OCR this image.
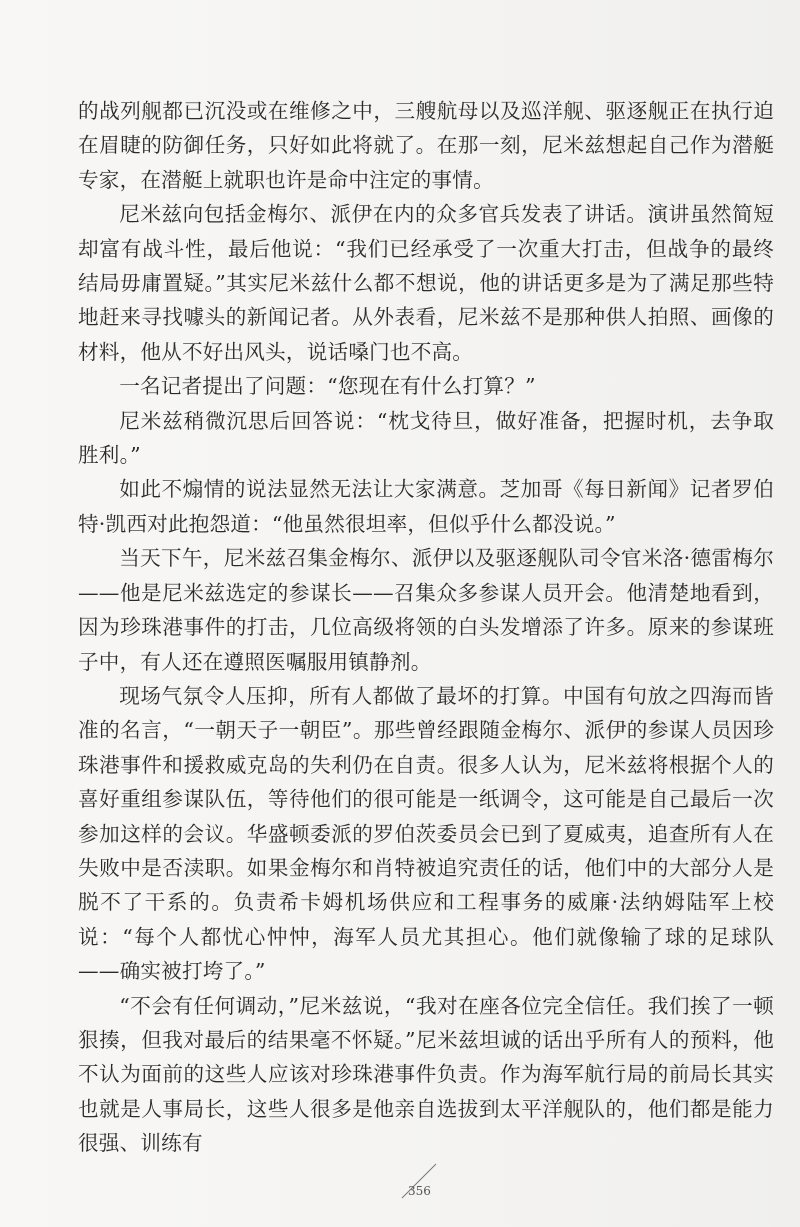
的战列舰都已沉没或在维修之中，三艘航母以及巡洋舰、驱逐舰正在执行迫在眉睫的防御任务，只好如此将就了。在那一刻，尼米兹想起自己作为潜艇专家，在潜艇上就职也许是命中注定的事情。

尼米兹向包括金梅尔、派伊在内的众多官兵发表了讲话。演讲虽然简短却富有战斗性，最后他说：“我们已经承受了一次重大打击，但战争的最终结局毋庸置疑。”其实尼米兹什么都不想说，他的讲话更多是为了满足那些特地赶来寻找噱头的新闻记者。从外表看，尼米兹不是那种供人拍照、画像的材料，他从不好出风头，说话嗓门也不高。

一名记者提出了问题：“您现在有什么打算？”

尼米兹稍微沉思后回答说：“枕戈待旦，做好准备，把握时机，去争取胜利。”

如此不煽情的说法显然无法让大家满意。芝加哥《每日新闻》记者罗伯特·凯西对此抱怨道：“他虽然很坦率，但似乎什么都没说。”

当天下午，尼米兹召集金梅尔、派伊以及驱逐舰队司令官米洛·德雷梅尔——他是尼米兹选定的参谋长——召集众多参谋人员开会。他清楚地看到，因为珍珠港事件的打击，几位高级将领的白头发增添了许多。原来的参谋班子中，有人还在遵照医嘱服用镇静剂。

现场气氛令人压抑，所有人都做了最坏的打算。中国有句放之四海而皆准的名言，“一朝天子一朝臣”。那些曾经跟随金梅尔、派伊的参谋人员因珍珠港事件和援救威克岛的失利仍在自责。很多人认为，尼米兹将根据个人的喜好重组参谋队伍，等待他们的很可能是一纸调令，这可能是自己最后一次参加这样的会议。华盛顿委派的罗伯茨委员会已到了夏威夷，追查所有人在失败中是否渎职。如果金梅尔和肖特被追究责任的话，他们中的大部分人是脱不了干系的。负责希卡姆机场供应和工程事务的威廉·法纳姆陆军上校说：“每个人都忧心忡忡，海军人员尤其担心。他们就像输了球的足球队——确实被打垮了。”

“不会有任何调动，”尼米兹说，“我对在座各位完全信任。我们挨了一顿狠揍，但我对最后的结果毫不怀疑。”尼米兹坦诚的话出乎所有人的预料，他不认为面前的这些人应该对珍珠港事件负责。作为海军航行局的前局长其实也就是人事局长，这些人很多是他亲自选拔到太平洋舰队的，他们都是能力很强、训练有

356
